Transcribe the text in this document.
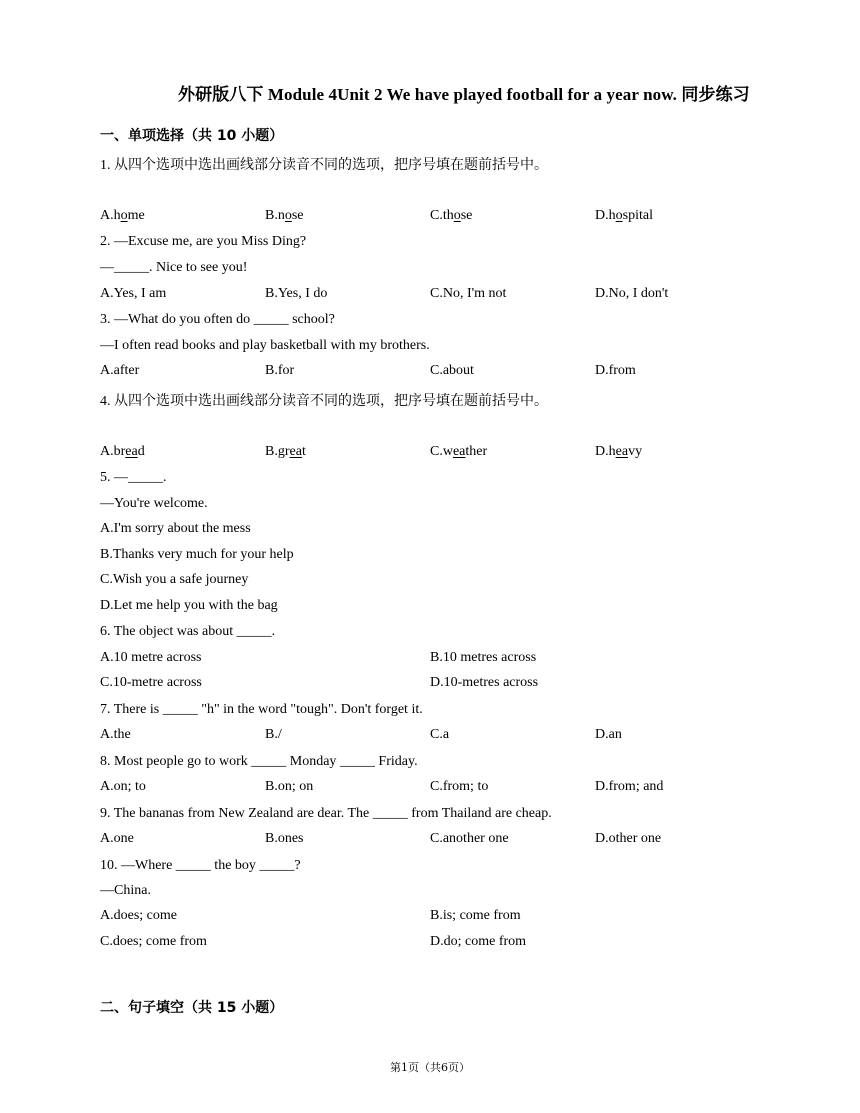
外研版八下 Module 4Unit 2 We have played football for a year now. 同步练习
一、单项选择（共 10 小题）
1. 从四个选项中选出画线部分读音不同的选项，把序号填在题前括号中。
A.home	B.nose	C.those	D.hospital
2. —Excuse me, are you Miss Ding?
—_____. Nice to see you!
A.Yes, I am	B.Yes, I do	C.No, I'm not	D.No, I don't
3. —What do you often do _____ school?
—I often read books and play basketball with my brothers.
A.after	B.for	C.about	D.from
4. 从四个选项中选出画线部分读音不同的选项，把序号填在题前括号中。
A.bread	B.great	C.weather	D.heavy
5. —_____.
—You're welcome.
A.I'm sorry about the mess
B.Thanks very much for your help
C.Wish you a safe journey
D.Let me help you with the bag
6. The object was about _____.
A.10 metre across	B.10 metres across
C.10-metre across	D.10-metres across
7. There is _____ "h" in the word "tough". Don't forget it.
A.the	B./	C.a	D.an
8. Most people go to work _____ Monday _____ Friday.
A.on; to	B.on; on	C.from; to	D.from; and
9. The bananas from New Zealand are dear. The _____ from Thailand are cheap.
A.one	B.ones	C.another one	D.other one
10. —Where _____ the boy _____?
—China.
A.does; come	B.is; come from
C.does; come from	D.do; come from
二、句子填空（共 15 小题）
第1页（共6页）
